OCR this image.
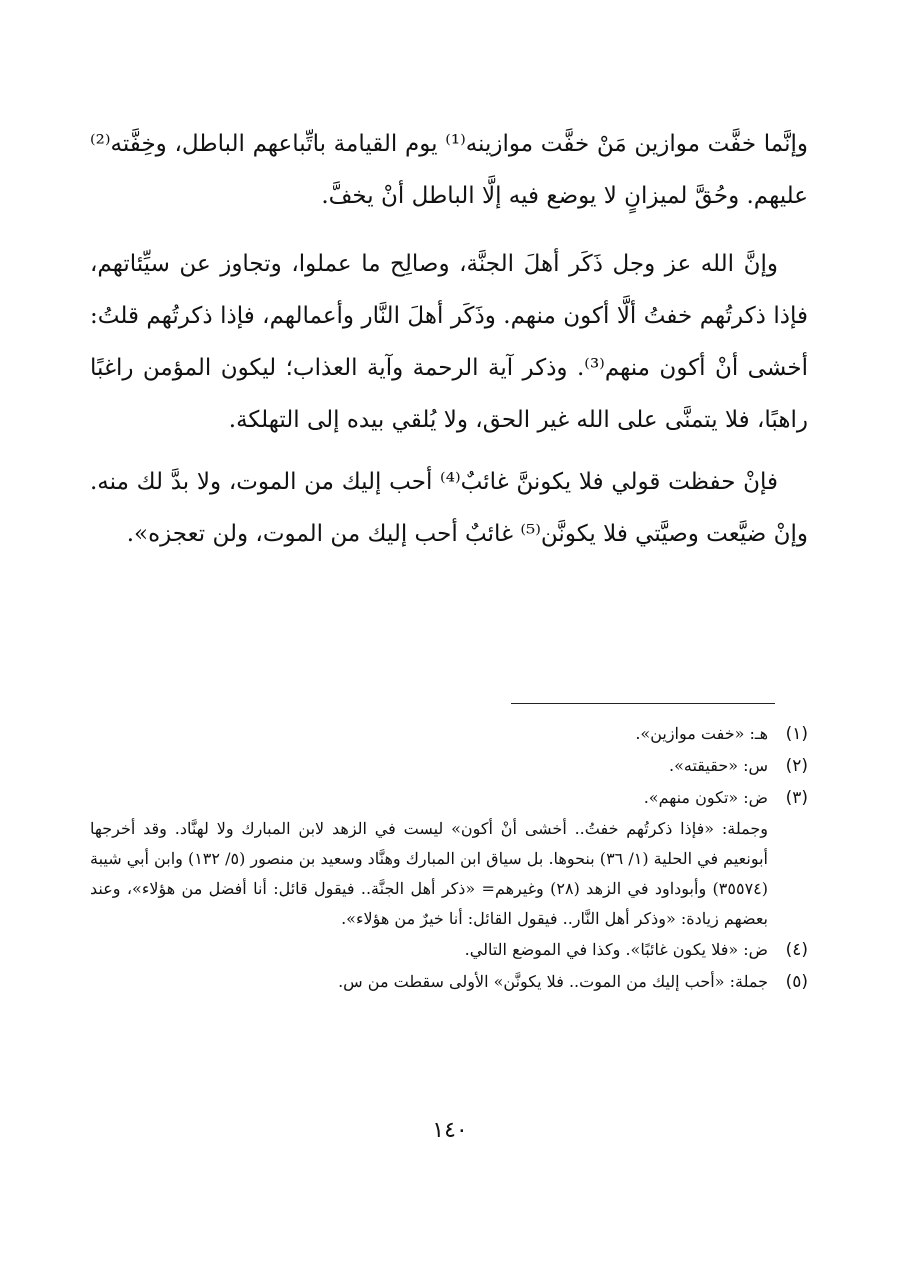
وإنَّما خفَّت موازين مَنْ خفَّت موازينه⁽¹⁾ يوم القيامة باتِّباعهم الباطل، وخِفَّته⁽²⁾ عليهم. وحُقَّ لميزانٍ لا يوضع فيه إلَّا الباطل أنْ يخفَّ.

وإنَّ الله عز وجل ذَكَر أهلَ الجنَّة، وصالِح ما عملوا، وتجاوز عن سيِّئاتهم، فإذا ذكرتُهم خفتُ ألَّا أكون منهم. وذَكَر أهلَ النَّار وأعمالهم، فإذا ذكرتُهم قلتُ: أخشى أنْ أكون منهم⁽³⁾. وذكر آية الرحمة وآية العذاب؛ ليكون المؤمن راغبًا راهبًا، فلا يتمنَّى على الله غير الحق، ولا يُلقي بيده إلى التهلكة.

فإنْ حفظت قولي فلا يكوننَّ غائبٌ⁽⁴⁾ أحب إليك من الموت، ولا بدَّ لك منه. وإنْ ضيَّعت وصيَّتي فلا يكونَّن⁽⁵⁾ غائبٌ أحب إليك من الموت، ولن تعجزه».

(١)
هـ: «خفت موازين».
(٢)
س: «حقيقته».
(٣)
ض: «تكون منهم».
وجملة: «فإذا ذكرتُهم خفتُ.. أخشى أنْ أكون» ليست في الزهد لابن المبارك ولا لهنَّاد. وقد أخرجها أبونعيم في الحلية (١/ ٣٦) بنحوها. بل سياق ابن المبارك وهنَّاد وسعيد بن منصور (٥/ ١٣٢) وابن أبي شيبة (٣٥٥٧٤) وأبوداود في الزهد (٢٨) وغيرهم= «ذكر أهل الجنَّة.. فيقول قائل: أنا أفضل من هؤلاء»، وعند بعضهم زيادة: «وذكر أهل النَّار.. فيقول القائل: أنا خيرٌ من هؤلاء».
(٤)
ض: «فلا يكون غائبًا». وكذا في الموضع التالي.
(٥)
جملة: «أحب إليك من الموت.. فلا يكونَّن» الأولى سقطت من س.
١٤٠
